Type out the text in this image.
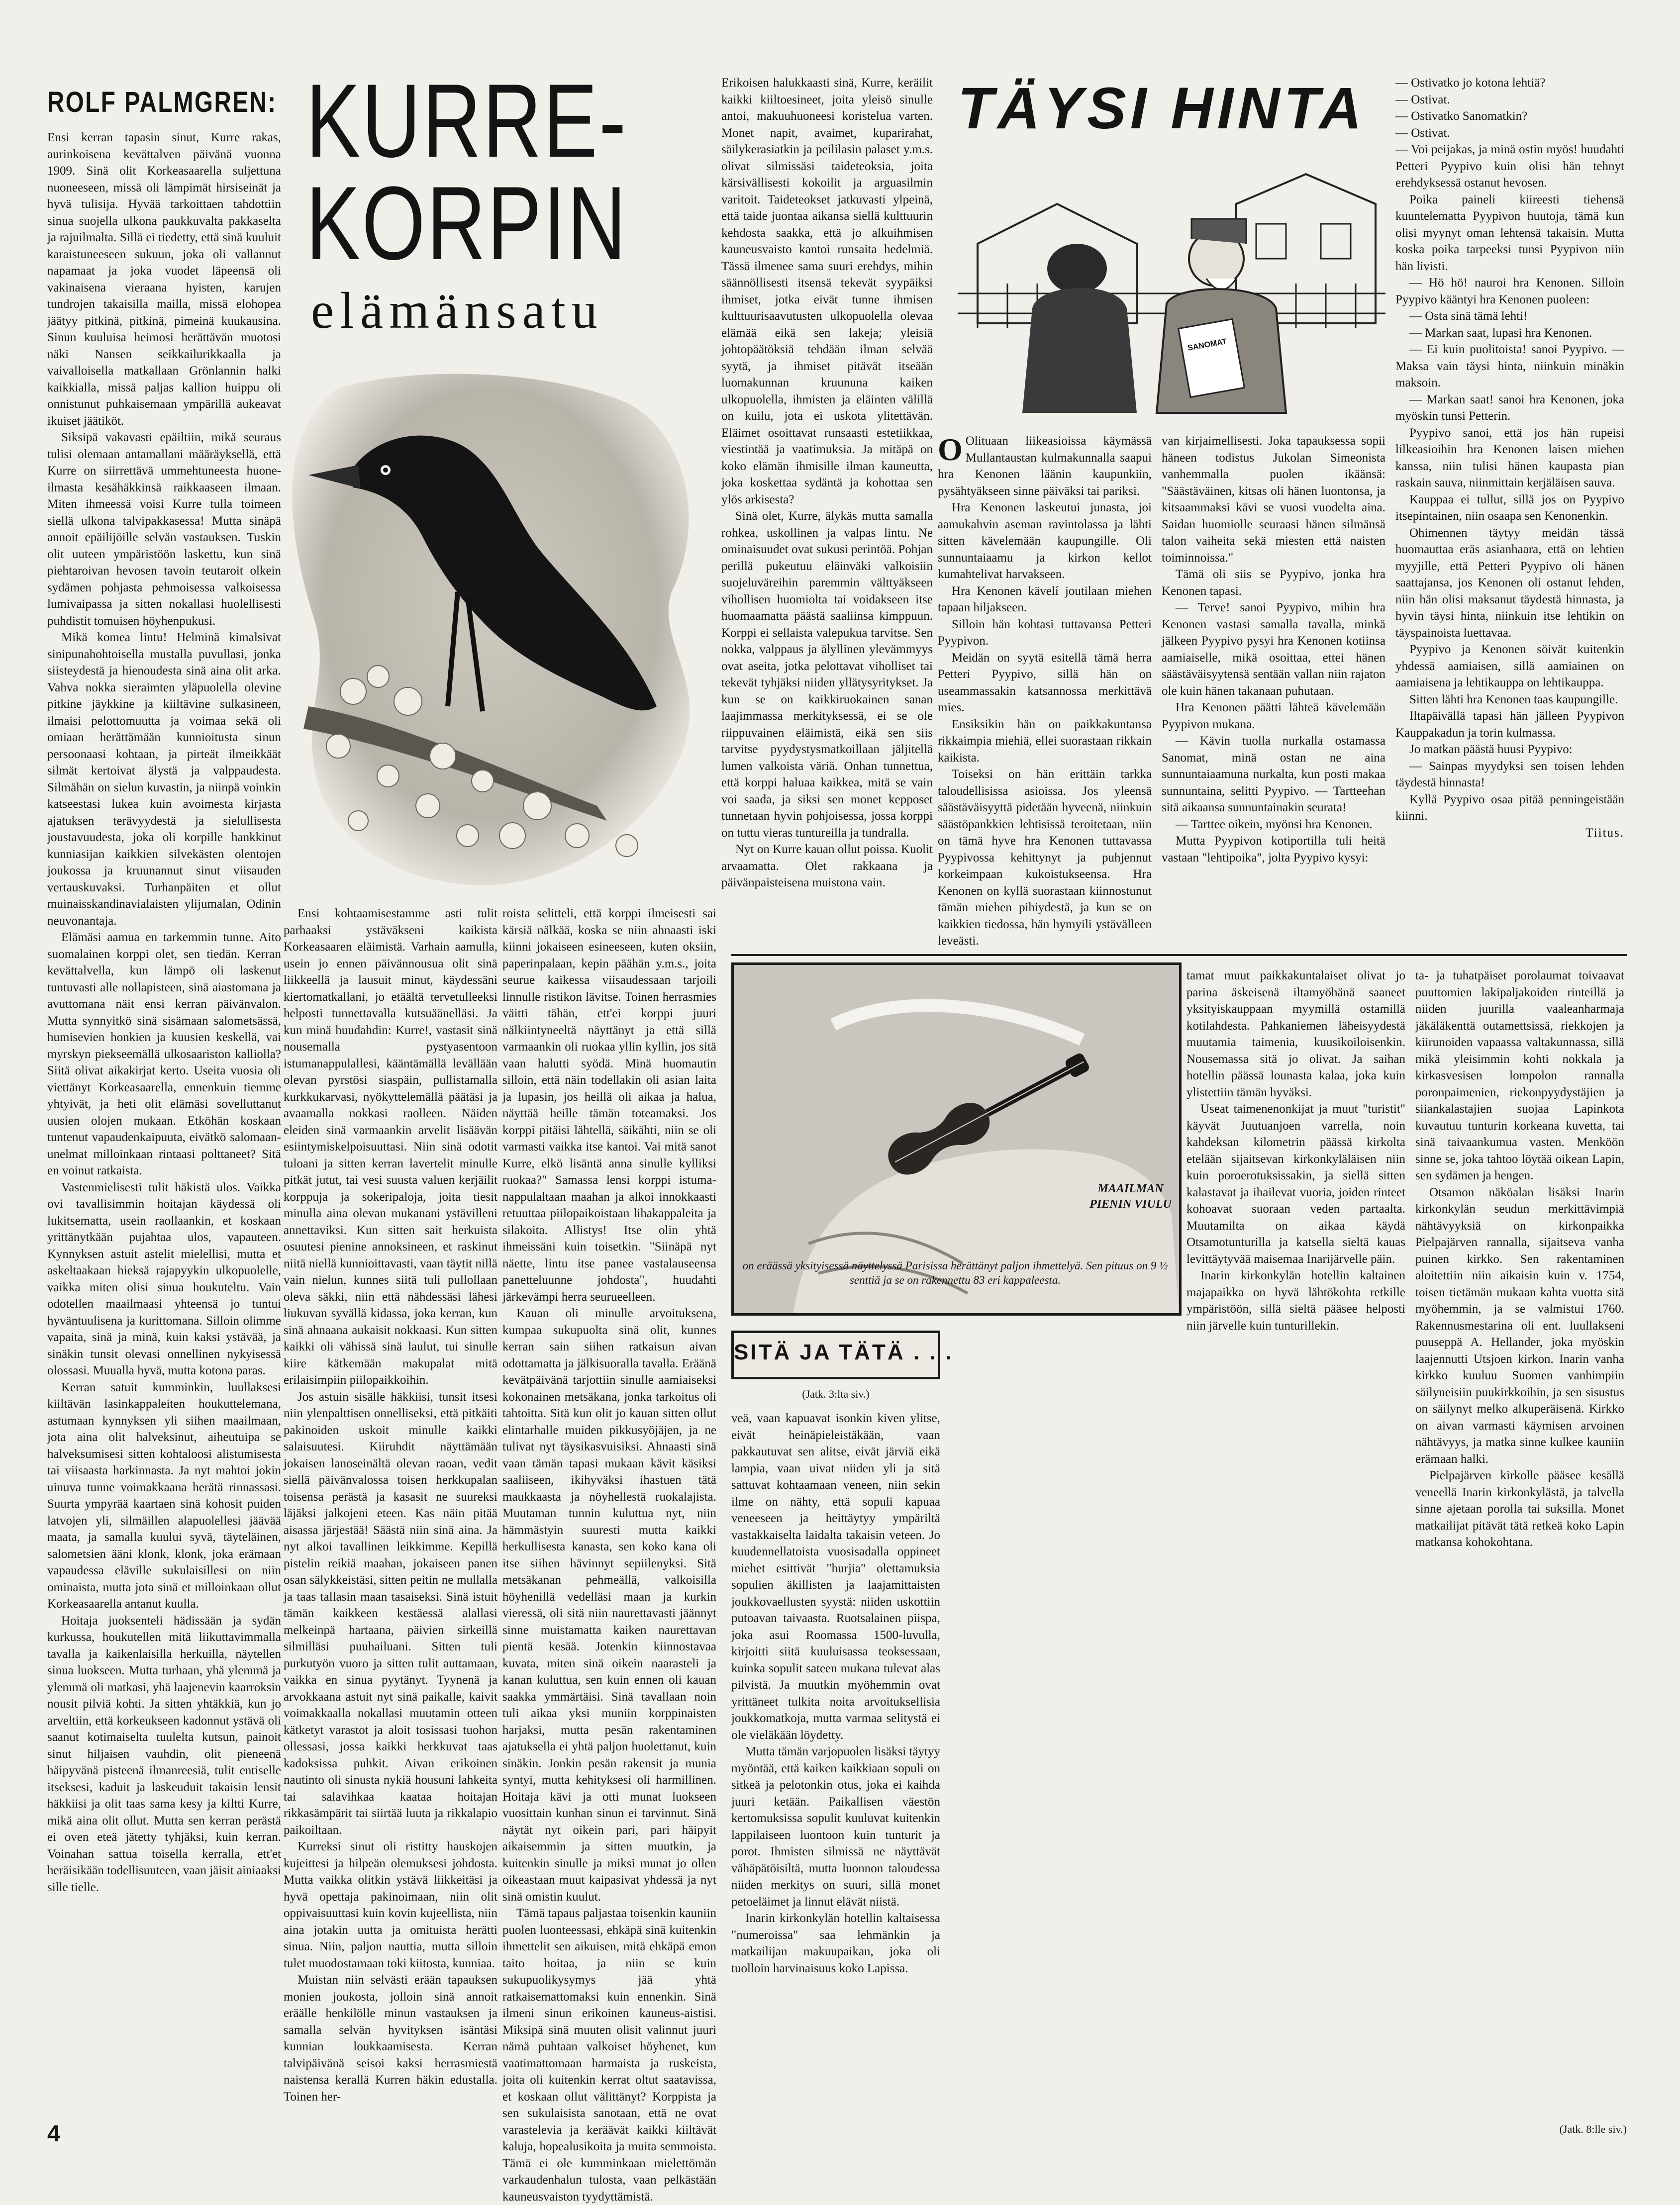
ROLF PALMGREN: KURRE-
KORPIN
elämänsatu

Ensi kerran tapasin sinut, Kurre rakas, aurinkoisena kevättalven päivänä vuonna 1909. Sinä olit Korkeasaarella suljettuna nuoneeseen, missä oli lämpimät hirsiseinät ja hyvä tulisija. Hyvää tarkoittaen tahdottiin sinua suojella ulkona paukkuvalta pakkaselta ja rajuilmalta. Sillä ei tiedetty, että sinä kuuluit karaistuneeseen sukuun, joka oli vallannut napamaat ja joka vuodet läpeensä oli vakinaisena vieraana hyisten, karujen tundrojen takaisilla mailla, missä elohopea jäätyy pitkinä, pitkinä, pimeinä kuukausina. Sinun kuuluisa heimosi herättävän muotosi näki Nansen seikkailurikkaalla ja vaivalloisella matkallaan Grönlannin halki kaikkialla, missä paljas kallion huippu oli onnistunut puhkaisemaan ympärillä aukeavat ikuiset jäätiköt.

Siksipä vakavasti epäiltiin, mikä seuraus tulisi olemaan antamallani määräyksellä, että Kurre on siirrettävä ummehtuneesta huone-ilmasta kesähäkkinsä raikkaaseen ilmaan. Miten ihmeessä voisi Kurre tulla toimeen siellä ulkona talvipakkasessa! Mutta sinäpä annoit epäilijöille selvän vastauksen. Tuskin olit uuteen ympäristöön laskettu, kun sinä piehtaroivan hevosen tavoin teutaroit olkein sydämen pohjasta pehmoisessa valkoisessa lumivaipassa ja sitten nokallasi huolellisesti puhdistit tomuisen höyhenpukusi.

Mikä komea lintu! Helminä kimalsivat sinipunahohtoisella mustalla puvullasi, jonka siisteydestä ja hienoudesta sinä aina olit arka. Vahva nokka sieraimten yläpuolella olevine pitkine jäykkine ja kiiltävine sulkasineen, ilmaisi pelottomuutta ja voimaa sekä oli omiaan herättämään kunnioitusta sinun persoonaasi kohtaan, ja pirteät ilmeikkäät silmät kertoivat älystä ja valppaudesta. Silmähän on sielun kuvastin, ja niinpä voinkin katseestasi lukea kuin avoimesta kirjasta ajatuksen terävyydestä ja sielullisesta joustavuudesta, joka oli korpille hankkinut kunniasijan kaikkien silvekästen olentojen joukossa ja kruunannut sinut viisauden vertauskuvaksi. Turhanpäiten et ollut muinaisskandinavialaisten ylijumalan, Odinin neuvonantaja.

Elämäsi aamua en tarkemmin tunne. Aito suomalainen korppi olet, sen tiedän. Kerran kevättalvella, kun lämpö oli laskenut tuntuvasti alle nollapisteen, sinä aiastomana ja avuttomana näit ensi kerran päivänvalon. Mutta synnyitkö sinä sisämaan salometsässä, humisevien honkien ja kuusien keskellä, vai myrskyn piekseemällä ulkosaariston kalliolla? Siitä olivat aikakirjat kerto. Useita vuosia oli viettänyt Korkeasaarella, ennenkuin tiemme yhtyivät, ja heti olit elämäsi sovelluttanut uusien olojen mukaan. Etköhän koskaan tuntenut vapaudenkaipuuta, eivätkö salomaan-unelmat milloinkaan rintaasi polttaneet? Sitä en voinut ratkaista.

Vastenmielisesti tulit häkistä ulos. Vaikka ovi tavallisimmin hoitajan käydessä oli lukitsematta, usein raollaankin, et koskaan yrittänytkään pujahtaa ulos, vapauteen. Kynnyksen astuit astelit mielellisi, mutta et askeltaakaan hieksä rajapyykin ulkopuolelle, vaikka miten olisi sinua houkuteltu. Vain odotellen maailmaasi yhteensä jo tuntui hyväntuulisena ja kurittomana. Silloin olimme vapaita, sinä ja minä, kuin kaksi ystävää, ja sinäkin tunsit olevasi onnellinen nykyisessä olossasi. Muualla hyvä, mutta kotona paras.

Kerran satuit kumminkin, luullaksesi kiiltävän lasinkappaleiten houkuttelemana, astumaan kynnyksen yli siihen maailmaan, jota aina olit halveksinut, aiheutuipa se halveksumisesi sitten kohtaloosi alistumisesta tai viisaasta harkinnasta. Ja nyt mahtoi jokin uinuva tunne voimakkaana herätä rinnassasi. Suurta ympyrää kaartaen sinä kohosit puiden latvojen yli, silmäillen alapuolellesi jäävää maata, ja samalla kuului syvä, täyteläinen, salometsien ääni klonk, klonk, joka erämaan vapaudessa eläville sukulaisillesi on niin ominaista, mutta jota sinä et milloinkaan ollut Korkeasaarella antanut kuulla.

Hoitaja juoksenteli hädissään ja sydän kurkussa, houkutellen mitä liikuttavimmalla tavalla ja kaikenlaisilla herkuilla, näytellen sinua luokseen. Mutta turhaan, yhä ylemmä ja ylemmä oli matkasi, yhä laajenevin kaarroksin nousit pilviä kohti. Ja sitten yhtäkkiä, kun jo arveltiin, että korkeukseen kadonnut ystävä oli saanut kotimaiselta tuulelta kutsun, painoit sinut hiljaisen vauhdin, olit pieneenä häipyvänä pisteenä ilmanreesiä, tulit entiselle itseksesi, kaduit ja laskeuduit takaisin lensit häkkiisi ja olit taas sama kesy ja kiltti Kurre, mikä aina olit ollut. Mutta sen kerran perästä ei oven eteä jätetty tyhjäksi, kuin kerran. Voinahan sattua toisella kerralla, ett'et heräisikään todellisuuteen, vaan jäisit ainiaaksi sille tielle.

Ensi kohtaamisestamme asti tulit parhaaksi ystäväkseni kaikista Korkeasaaren eläimistä. Varhain aamulla, usein jo ennen päivännousua olit sinä liikkeellä ja lausuit minut, käydessäni kiertomatkallani, jo etäältä tervetulleeksi helposti tunnettavalla kutsuäänelläsi. Ja kun minä huudahdin: Kurre!, vastasit sinä nousemalla pystyasentoon istumanappulallesi, kääntämällä levällään olevan pyrstösi siaspäin, pullistamalla kurkkukarvasi, nyökyttelemällä päätäsi ja avaamalla nokkasi raolleen. Näiden eleiden sinä varmaankin arvelit lisäävän esiintymiskelpoisuuttasi. Niin sinä odotit tuloani ja sitten kerran lavertelit minulle pitkät jutut, tai vesi suusta valuen kerjäilit korppuja ja sokeripaloja, joita tiesit minulla aina olevan mukanani ystävilleni annettaviksi. Kun sitten sait herkuista osuutesi pienine annoksineen, et raskinut niitä niellä kunnioittavasti, vaan täytit nillä vain nielun, kunnes siitä tuli pullollaan oleva säkki, niin että nähdessäsi lähesi liukuvan syvällä kidassa, joka kerran, kun sinä ahnaana aukaisit nokkaasi. Kun sitten kaikki oli vähissä sinä laulut, tui sinulle kiire kätkemään makupalat mitä erilaisimpiin piilopaikkoihin.

Jos astuin sisälle häkkiisi, tunsit itsesi niin ylenpalttisen onnelliseksi, että pitkäiti pakinoiden uskoit minulle kaikki salaisuutesi. Kiiruhdit näyttämään jokaisen lanoseinältä olevan raoan, vedit siellä päivänvalossa toisen herkkupalan toisensa perästä ja kasasit ne suureksi läjäksi jalkojeni eteen. Kas näin pitää aisassa järjestää! Säästä niin sinä aina. Ja nyt alkoi tavallinen leikkimme. Kepillä pistelin reikiä maahan, jokaiseen panen osan sälykkeistäsi, sitten peitin ne mullalla ja taas tallasin maan tasaiseksi. Sinä istuit tämän kaikkeen kestäessä alallasi melkeinpä hartaana, päivien sirkeillä silmilläsi puuhailuani. Sitten tuli purkutyön vuoro ja sitten tulit auttamaan, vaikka en sinua pyytänyt. Tyynenä ja arvokkaana astuit nyt sinä paikalle, kaivit voimakkaalla nokallasi muutamin otteen kätketyt varastot ja aloit tosissasi tuohon ollessasi, jossa kaikki herkkuvat taas kadoksissa puhkit. Aivan erikoinen nautinto oli sinusta nykiä housuni lahkeita tai salavihkaa kaataa hoitajan rikkasämpärit tai siirtää luuta ja rikkalapio paikoiltaan.

Kurreksi sinut oli ristitty hauskojen kujeittesi ja hilpeän olemuksesi johdosta. Mutta vaikka olitkin ystävä liikkeitäsi ja hyvä opettaja pakinoimaan, niin olit oppivaisuuttasi kuin kovin kujeellista, niin aina jotakin uutta ja omituista herätti sinua. Niin, paljon nauttia, mutta silloin tulet muodostamaan toki kiitosta, kunniaa.

Muistan niin selvästi erään tapauksen monien joukosta, jolloin sinä annoit eräälle henkilölle minun vastauksen ja samalla selvän hyvityksen isäntäsi kunnian loukkaamisesta. Kerran talvipäivänä seisoi kaksi herrasmiestä naistensa kerallä Kurren häkin edustalla. Toinen her-

roista selitteli, että korppi ilmeisesti sai kärsiä nälkää, koska se niin ahnaasti iski kiinni jokaiseen esineeseen, kuten oksiin, paperinpalaan, kepin päähän y.m.s., joita seurue kaikessa viisaudessaan tarjoili linnulle ristikon lävitse. Toinen herrasmies väitti tähän, ett'ei korppi juuri nälkiintyneeltä näyttänyt ja että sillä varmaankin oli ruokaa yllin kyllin, jos sitä vaan halutti syödä. Minä huomautin silloin, että näin todellakin oli asian laita ja lupasin, jos heillä oli aikaa ja halua, näyttää heille tämän toteamaksi. Jos korppi pitäisi lähtellä, säikähti, niin se oli varmasti vaikka itse kantoi. Vai mitä sanot Kurre, elkö lisäntä anna sinulle kylliksi ruokaa?" Samassa lensi korppi istuma-nappulaltaan maahan ja alkoi innokkaasti retuuttaa piilopaikoistaan lihakappaleita ja silakoita. Allistys! Itse olin yhtä ihmeissäni kuin toisetkin. "Siinäpä nyt näette, lintu itse panee vastalauseensa panetteluunne johdosta", huudahti järkevämpi herra seurueelleen.

Kauan oli minulle arvoituksena, kumpaa sukupuolta sinä olit, kunnes kerran sain siihen ratkaisun aivan odottamatta ja jälkisuoralla tavalla. Eräänä kevätpäivänä tarjottiin sinulle aamiaiseksi kokonainen metsäkana, jonka tarkoitus oli tahtoitta. Sitä kun olit jo kauan sitten ollut elintarhalle muiden pikkusyöjäjen, ja ne tulivat nyt täysikasvuisiksi. Ahnaasti sinä vaan tämän tapasi mukaan kävit käsiksi saaliiseen, ikihyväksi ihastuen tätä maukkaasta ja nöyhellestä ruokalajista. Muutaman tunnin kuluttua nyt, niin hämmästyin suuresti mutta kaikki herkullisesta kanasta, sen koko kana oli itse siihen hävinnyt sepiilenyksi. Sitä metsäkanan pehmeällä, valkoisilla höyhenillä vedelläsi maan ja kurkin vieressä, oli sitä niin naurettavasti jäännyt sinne muistamatta kaiken naurettavan pientä kesää. Jotenkin kiinnostavaa kuvata, miten sinä oikein naarasteli ja kanan kuluttua, sen kuin ennen oli kauan saakka ymmärtäisi. Sinä tavallaan noin tuli aikaa yksi muniin korppinaisten harjaksi, mutta pesän rakentaminen ajatuksella ei yhtä paljon huolettanut, kuin sinäkin. Jonkin pesän rakensit ja munia syntyi, mutta kehityksesi oli harmillinen. Hoitaja kävi ja otti munat luokseen vuosittain kunhan sinun ei tarvinnut. Sinä näytät nyt oikein pari, pari häipyit aikaisemmin ja sitten muutkin, ja kuitenkin sinulle ja miksi munat jo ollen oikeastaan muut kaipasivat yhdessä ja nyt sinä omistin kuulut.

Tämä tapaus paljastaa toisenkin kauniin puolen luonteessasi, ehkäpä sinä kuitenkin ihmettelit sen aikuisen, mitä ehkäpä emon taito hoitaa, ja niin se kuin sukupuolikysymys jää yhtä ratkaisemattomaksi kuin ennenkin. Sinä ilmeni sinun erikoinen kauneus-aistisi. Miksipä sinä muuten olisit valinnut juuri nämä puhtaan valkoiset höyhenet, kun vaatimattomaan harmaista ja ruskeista, joita oli kuitenkin kerrat oltut saatavissa, et koskaan ollut välittänyt? Korppista ja sen sukulaisista sanotaan, että ne ovat varastelevia ja keräävät kaikki kiiltävät kaluja, hopealusikoita ja muita semmoista. Tämä ei ole kumminkaan mielettömän varkaudenhalun tulosta, vaan pelkästään kauneusvaiston tyydyttämistä.

Erikoisen halukkaasti sinä, Kurre, keräilit kaikki kiiltoesineet, joita yleisö sinulle antoi, makuuhuoneesi koristelua varten. Monet napit, avaimet, kuparirahat, säilykerasiatkin ja peililasin palaset y.m.s. olivat silmissäsi taideteoksia, joita kärsivällisesti kokoilit ja arguasilmin varitoit. Taideteokset jatkuvasti ylpeinä, että taide juontaa aikansa siellä kulttuurin kehdosta saakka, että jo alkuihmisen kauneusvaisto kantoi runsaita hedelmiä. Tässä ilmenee sama suuri erehdys, mihin säännöllisesti itsensä tekevät syypäiksi ihmiset, jotka eivät tunne ihmisen kulttuurisaavutusten ulkopuolella olevaa elämää eikä sen lakeja; yleisiä johtopäätöksiä tehdään ilman selvää syytä, ja ihmiset pitävät itseään luomakunnan kruununa kaiken ulkopuolella, ihmisten ja eläinten välillä on kuilu, jota ei uskota ylitettävän. Eläimet osoittavat runsaasti estetiikkaa, viestintää ja vaatimuksia. Ja mitäpä on koko elämän ihmisille ilman kauneutta, joka koskettaa sydäntä ja kohottaa sen ylös arkisesta?

Sinä olet, Kurre, älykäs mutta samalla rohkea, uskollinen ja valpas lintu. Ne ominaisuudet ovat sukusi perintöä. Pohjan perillä pukeutuu eläinväki valkoisiin suojeluväreihin paremmin välttyäkseen vihollisen huomiolta tai voidakseen itse huomaamatta päästä saaliinsa kimppuun. Korppi ei sellaista valepukua tarvitse. Sen nokka, valppaus ja älyllinen ylevämmyys ovat aseita, jotka pelottavat viholliset tai tekevät tyhjäksi niiden yllätysyritykset. Ja kun se on kaikkiruokainen sanan laajimmassa merkityksessä, ei se ole riippuvainen eläimistä, eikä sen siis tarvitse pyydystysmatkoillaan jäljitellä lumen valkoista väriä. Onhan tunnettua, että korppi haluaa kaikkea, mitä se vain voi saada, ja siksi sen monet kepposet tunnetaan hyvin pohjoisessa, jossa korppi on tuttu vieras tuntureilla ja tundralla.

Nyt on Kurre kauan ollut poissa. Kuolit arvaamatta. Olet rakkaana ja päivänpaisteisena muistona vain.

TÄYSI HINTA
SANOMAT

O Olituaan liikeasioissa käymässä Mullantaustan kulmakunnalla saapui hra Kenonen läänin kaupunkiin, pysähtyäkseen sinne päiväksi tai pariksi.

Hra Kenonen laskeutui junasta, joi aamukahvin aseman ravintolassa ja lähti sitten kävelemään kaupungille. Oli sunnuntaiaamu ja kirkon kellot kumahtelivat harvakseen.

Hra Kenonen kävelí joutilaan miehen tapaan hiljakseen.

Silloin hän kohtasi tuttavansa Petteri Pyypivon.

Meidän on syytä esitellä tämä herra Petteri Pyypivo, sillä hän on useammassakin katsannossa merkittävä mies.

Ensiksikin hän on paikkakuntansa rikkaimpia miehiä, ellei suorastaan rikkain kaikista.

Toiseksi on hän erittäin tarkka taloudellisissa asioissa. Jos yleensä säästäväisyyttä pidetään hyveenä, niinkuin säästöpankkien lehtisissä teroitetaan, niin on tämä hyve hra Kenonen tuttavassa Pyypivossa kehittynyt ja puhjennut korkeimpaan kukoistukseensa. Hra Kenonen on kyllä suorastaan kiinnostunut tämän miehen pihiydestä, ja kun se on kaikkien tiedossa, hän hymyili ystävälleen leveästi.

van kirjaimellisesti. Joka tapauksessa sopii häneen todistus Jukolan Simeonista vanhemmalla puolen ikäänsä: "Säästäväinen, kitsas oli hänen luontonsa, ja kitsaammaksi kävi se vuosi vuodelta aina. Saidan huomiolle seuraasi hänen silmänsä talon vaiheita sekä miesten että naisten toiminnoissa."

Tämä oli siis se Pyypivo, jonka hra Kenonen tapasi.

— Terve! sanoi Pyypivo, mihin hra Kenonen vastasi samalla tavalla, minkä jälkeen Pyypivo pysyi hra Kenonen kotiinsa aamiaiselle, mikä osoittaa, ettei hänen säästäväisyytensä sentään vallan niin rajaton ole kuin hänen takanaan puhutaan.

Hra Kenonen päätti lähteä kävelemään Pyypivon mukana.

— Kävin tuolla nurkalla ostamassa Sanomat, minä ostan ne aina sunnuntaiaamuna nurkalta, kun posti makaa sunnuntaina, selitti Pyypivo. — Tartteehan sitä aikaansa sunnuntainakin seurata!

— Tarttee oikein, myönsi hra Kenonen.

Mutta Pyypivon kotiportilla tuli heitä vastaan "lehtipoika", jolta Pyypivo kysyi:

— Ostivatko jo kotona lehtiä?

— Ostivat.

— Ostivatko Sanomatkin?

— Ostivat.

— Voi peijakas, ja minä ostin myös! huudahti Petteri Pyypivo kuin olisi hän tehnyt erehdyksessä ostanut hevosen.

Poika paineli kiireesti tiehensä kuuntelematta Pyypivon huutoja, tämä kun olisi myynyt oman lehtensä takaisin. Mutta koska poika tarpeeksi tunsi Pyypivon niin hän livisti.

— Hö hö! nauroi hra Kenonen. Silloin Pyypivo kääntyi hra Kenonen puoleen:

— Osta sinä tämä lehti!

— Markan saat, lupasi hra Kenonen.

— Ei kuin puolitoista! sanoi Pyypivo. — Maksa vain täysi hinta, niinkuin minäkin maksoin.

— Markan saat! sanoi hra Kenonen, joka myöskin tunsi Petterin.

Pyypivo sanoi, että jos hän rupeisi lilkeasioihin hra Kenonen laisen miehen kanssa, niin tulisi hänen kaupasta pian raskain sauva, niinmittain kerjäläisen sauva.

Kauppaa ei tullut, sillä jos on Pyypivo itsepintainen, niin osaapa sen Kenonenkin.

Ohimennen täytyy meidän tässä huomauttaa eräs asianhaara, että on lehtien myyjille, että Petteri Pyypivo oli hänen saattajansa, jos Kenonen oli ostanut lehden, niin hän olisi maksanut täydestä hinnasta, ja hyvin täysi hinta, niinkuin itse lehtikin on täyspainoista luettavaa.

Pyypivo ja Kenonen söivät kuitenkin yhdessä aamiaisen, sillä aamiainen on aamiaisena ja lehtikauppa on lehtikauppa.

Sitten lähti hra Kenonen taas kaupungille.

Iltapäivällä tapasi hän jälleen Pyypivon Kauppakadun ja torin kulmassa.

Jo matkan päästä huusi Pyypivo:

— Sainpas myydyksi sen toisen lehden täydestä hinnasta!

Kyllä Pyypivo osaa pitää penningeistään kiinni.

Tiitus.

MAAILMAN PIENIN VIULU
on eräässä yksityisessä näyttelyssä Parisissa herättänyt paljon ihmettelyä. Sen pituus on 9 ½ senttiä ja se on rakennettu 83 eri kappaleesta.
SITÄ JA TÄTÄ . . .
(Jatk. 3:lta siv.)

veä, vaan kapuavat isonkin kiven ylitse, eivät heinäpieleistäkään, vaan pakkautuvat sen alitse, eivät järviä eikä lampia, vaan uivat niiden yli ja sitä sattuvat kohtaamaan veneen, niin sekin ilme on nähty, että sopuli kapuaa veneeseen ja heittäytyy ympäriltä vastakkaiselta laidalta takaisin veteen. Jo kuudennellatoista vuosisadalla oppineet miehet esittivät "hurjia" olettamuksia sopulien äkillisten ja laajamittaisten joukkovaellusten syystä: niiden uskottiin putoavan taivaasta. Ruotsalainen piispa, joka asui Roomassa 1500-luvulla, kirjoitti siitä kuuluisassa teoksessaan, kuinka sopulit sateen mukana tulevat alas pilvistä. Ja muutkin myöhemmin ovat yrittäneet tulkita noita arvoituksellisia joukkomatkoja, mutta varmaa selitystä ei ole vieläkään löydetty.

Mutta tämän varjopuolen lisäksi täytyy myöntää, että kaiken kaikkiaan sopuli on sitkeä ja pelotonkin otus, joka ei kaihda juuri ketään. Paikallisen väestön kertomuksissa sopulit kuuluvat kuitenkin lappilaiseen luontoon kuin tunturit ja porot. Ihmisten silmissä ne näyttävät vähäpätöisiltä, mutta luonnon taloudessa niiden merkitys on suuri, sillä monet petoeläimet ja linnut elävät niistä.

Inarin kirkonkylän hotellin kaltaisessa "numeroissa" saa lehmänkin ja matkailijan makuupaikan, joka oli tuolloin harvinaisuus koko Lapissa.

tamat muut paikkakuntalaiset olivat jo parina äskeisenä iltamyöhänä saaneet yksityiskauppaan myymillä ostamillä kotilahdesta. Pahkaniemen läheisyydestä muutamia taimenia, kuusikoiloisenkin. Nousemassa sitä jo olivat. Ja saihan hotellin päässä lounasta kalaa, joka kuin ylistettiin tämän hyväksi.

Useat taimenenonkijat ja muut "turistit" käyvät Juutuanjoen varrella, noin kahdeksan kilometrin päässä kirkolta etelään sijaitsevan kirkonkyläläisen niin kuin poroerotuksissakin, ja siellä sitten kalastavat ja ihailevat vuoria, joiden rinteet kohoavat suoraan veden partaalta. Muutamilta on aikaa käydä Otsamotunturilla ja katsella sieltä kauas levittäytyvää maisemaa Inarijärvelle päin.

Inarin kirkonkylän hotellin kaltainen majapaikka on hyvä lähtökohta retkille ympäristöön, sillä sieltä pääsee helposti niin järvelle kuin tunturillekin.

ta- ja tuhatpäiset porolaumat toivaavat puuttomien lakipaljakoiden rinteillä ja niiden juurilla vaaleanharmaja jäkäläkenttä outamettsissä, riekkojen ja kiirunoiden vapaassa valtakunnassa, sillä mikä yleisimmin kohti nokkala ja kirkasvesisen lompolon rannalla poronpaimenien, riekonpyydystäjien ja siiankalastajien suojaa Lapinkota kuvautuu tunturin korkeana kuvetta, tai sinä taivaankumua vasten. Menköön sinne se, joka tahtoo löytää oikean Lapin, sen sydämen ja hengen.

Otsamon näköalan lisäksi Inarin kirkonkylän seudun merkittävimpiä nähtävyyksiä on kirkonpaikka Pielpajärven rannalla, sijaitseva vanha puinen kirkko. Sen rakentaminen aloitettiin niin aikaisin kuin v. 1754, toisen tietämän mukaan kahta vuotta sitä myöhemmin, ja se valmistui 1760. Rakennusmestarina oli ent. luullakseni puuseppä A. Hellander, joka myöskin laajennutti Utsjoen kirkon. Inarin vanha kirkko kuuluu Suomen vanhimpiin säilyneisiin puukirkkoihin, ja sen sisustus on säilynyt melko alkuperäisenä. Kirkko on aivan varmasti käymisen arvoinen nähtävyys, ja matka sinne kulkee kauniin erämaan halki.

Pielpajärven kirkolle pääsee kesällä veneellä Inarin kirkonkylästä, ja talvella sinne ajetaan porolla tai suksilla. Monet matkailijat pitävät tätä retkeä koko Lapin matkansa kohokohtana.

(Jatk. 8:lle siv.)
4
